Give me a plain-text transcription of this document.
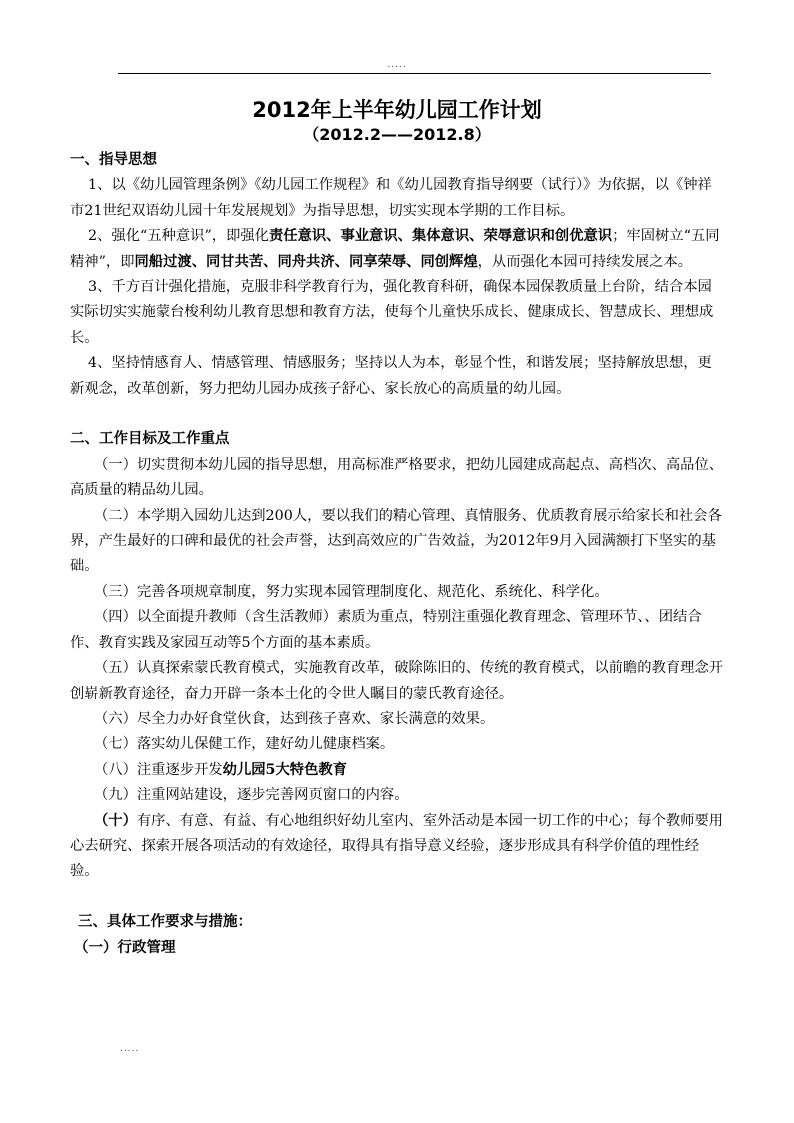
.....
2012年上半年幼儿园工作计划
（2012.2——2012.8）

一、指导思想

1、以《幼儿园管理条例》《幼儿园工作规程》和《幼儿园教育指导纲要（试行）》为依据，以《钟祥市21世纪双语幼儿园十年发展规划》为指导思想，切实实现本学期的工作目标。

2、强化“五种意识”，即强化责任意识、事业意识、集体意识、荣辱意识和创优意识；牢固树立“五同精神”，即同船过渡、同甘共苦、同舟共济、同享荣辱、同创辉煌，从而强化本园可持续发展之本。

3、千方百计强化措施，克服非科学教育行为，强化教育科研，确保本园保教质量上台阶，结合本园实际切实实施蒙台梭利幼儿教育思想和教育方法，使每个儿童快乐成长、健康成长、智慧成长、理想成长。

4、坚持情感育人、情感管理、情感服务；坚持以人为本，彰显个性，和谐发展；坚持解放思想，更新观念，改革创新，努力把幼儿园办成孩子舒心、家长放心的高质量的幼儿园。

二、工作目标及工作重点

（一）切实贯彻本幼儿园的指导思想，用高标准严格要求，把幼儿园建成高起点、高档次、高品位、高质量的精品幼儿园。

（二）本学期入园幼儿达到200人，要以我们的精心管理、真情服务、优质教育展示给家长和社会各界，产生最好的口碑和最优的社会声誉，达到高效应的广告效益，为2012年9月入园满额打下坚实的基础。

（三）完善各项规章制度，努力实现本园管理制度化、规范化、系统化、科学化。

（四）以全面提升教师（含生活教师）素质为重点，特别注重强化教育理念、管理环节、、团结合作、教育实践及家园互动等5个方面的基本素质。

（五）认真探索蒙氏教育模式，实施教育改革，破除陈旧的、传统的教育模式，以前瞻的教育理念开创崭新教育途径，奋力开辟一条本土化的令世人瞩目的蒙氏教育途径。

（六）尽全力办好食堂伙食，达到孩子喜欢、家长满意的效果。

（七）落实幼儿保健工作，建好幼儿健康档案。

（八）注重逐步开发幼儿园5大特色教育

（九）注重网站建设，逐步完善网页窗口的内容。

（十）有序、有意、有益、有心地组织好幼儿室内、室外活动是本园一切工作的中心；每个教师要用心去研究、探索开展各项活动的有效途径，取得具有指导意义经验，逐步形成具有科学价值的理性经验。

三、具体工作要求与措施：

（一）行政管理

.....
